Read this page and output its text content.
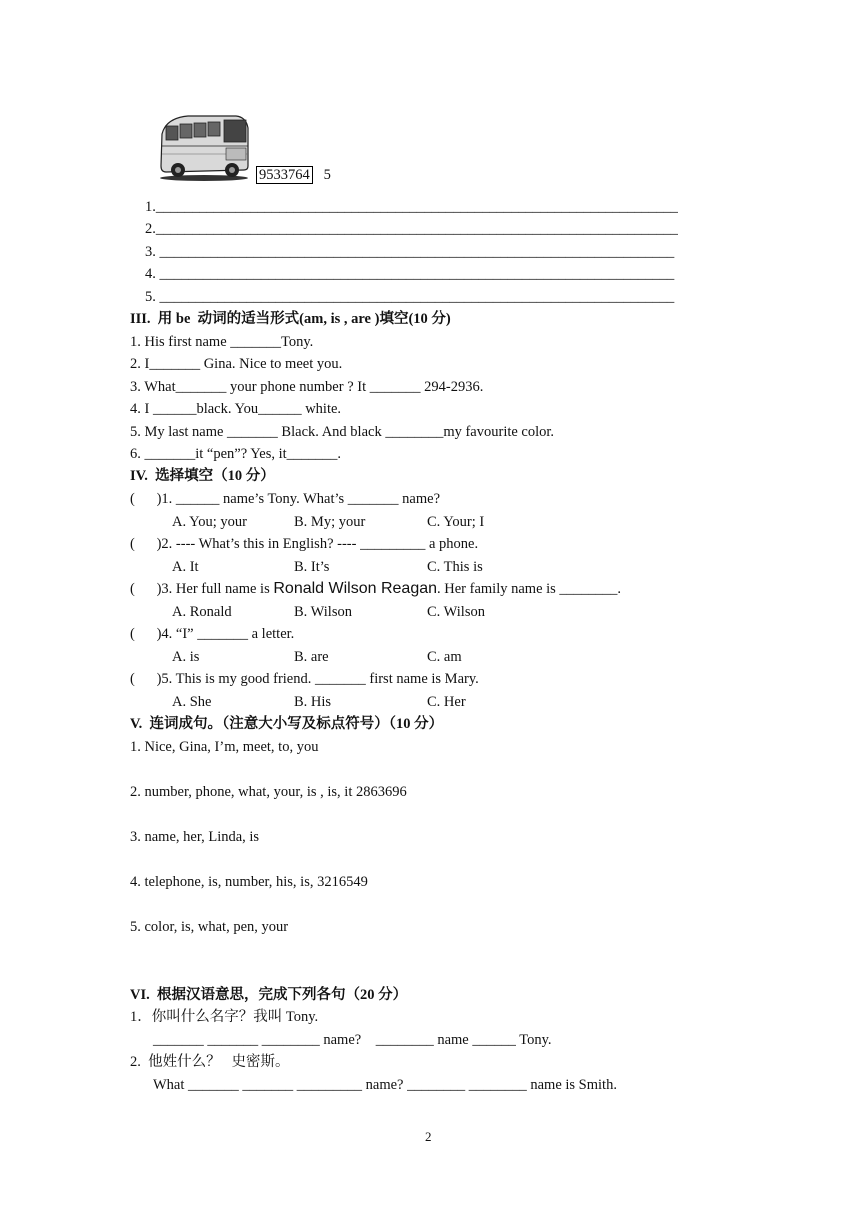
9533764 5
1.________________________________________________________________________
2.________________________________________________________________________
3. _______________________________________________________________________
4. _______________________________________________________________________
5. _______________________________________________________________________
III.  用 be  动词的适当形式(am, is , are )填空(10 分)
1. His first name _______Tony.
2. I_______ Gina. Nice to meet you.
3. What_______ your phone number ? It _______ 294-2936.
4. I ______black. You______ white.
5. My last name _______ Black. And black ________my favourite color.
6. _______it “pen”? Yes, it_______.
IV.  选择填空（10 分）
(      )1. ______ name’s Tony. What’s _______ name?
A. You; your	B. My; your	C. Your; I
(      )2. ---- What’s this in English? ---- _________ a phone.
A. It	B. It’s	C. This is
(      )3. Her full name is Ronald Wilson Reagan. Her family name is ________.
A. Ronald	B. Wilson	C. Wilson
(      )4. “I” _______ a letter.
A. is	B. are	C. am
(      )5. This is my good friend. _______ first name is Mary.
A. She	B. His	C. Her
V.  连词成句。（注意大小写及标点符号）（10 分）
1. Nice, Gina, I’m, meet, to, you
2. number, phone, what, your, is , is, it 2863696
3. name, her, Linda, is
4. telephone, is, number, his, is, 3216549
5. color, is, what, pen, your
VI.  根据汉语意思，完成下列各句（20 分）
1．你叫什么名字？我叫 Tony.
_______ _______ ________ name?    ________ name ______ Tony.
2.  他姓什么？   史密斯。
What _______ _______ _________ name? ________ ________ name is Smith.
2
